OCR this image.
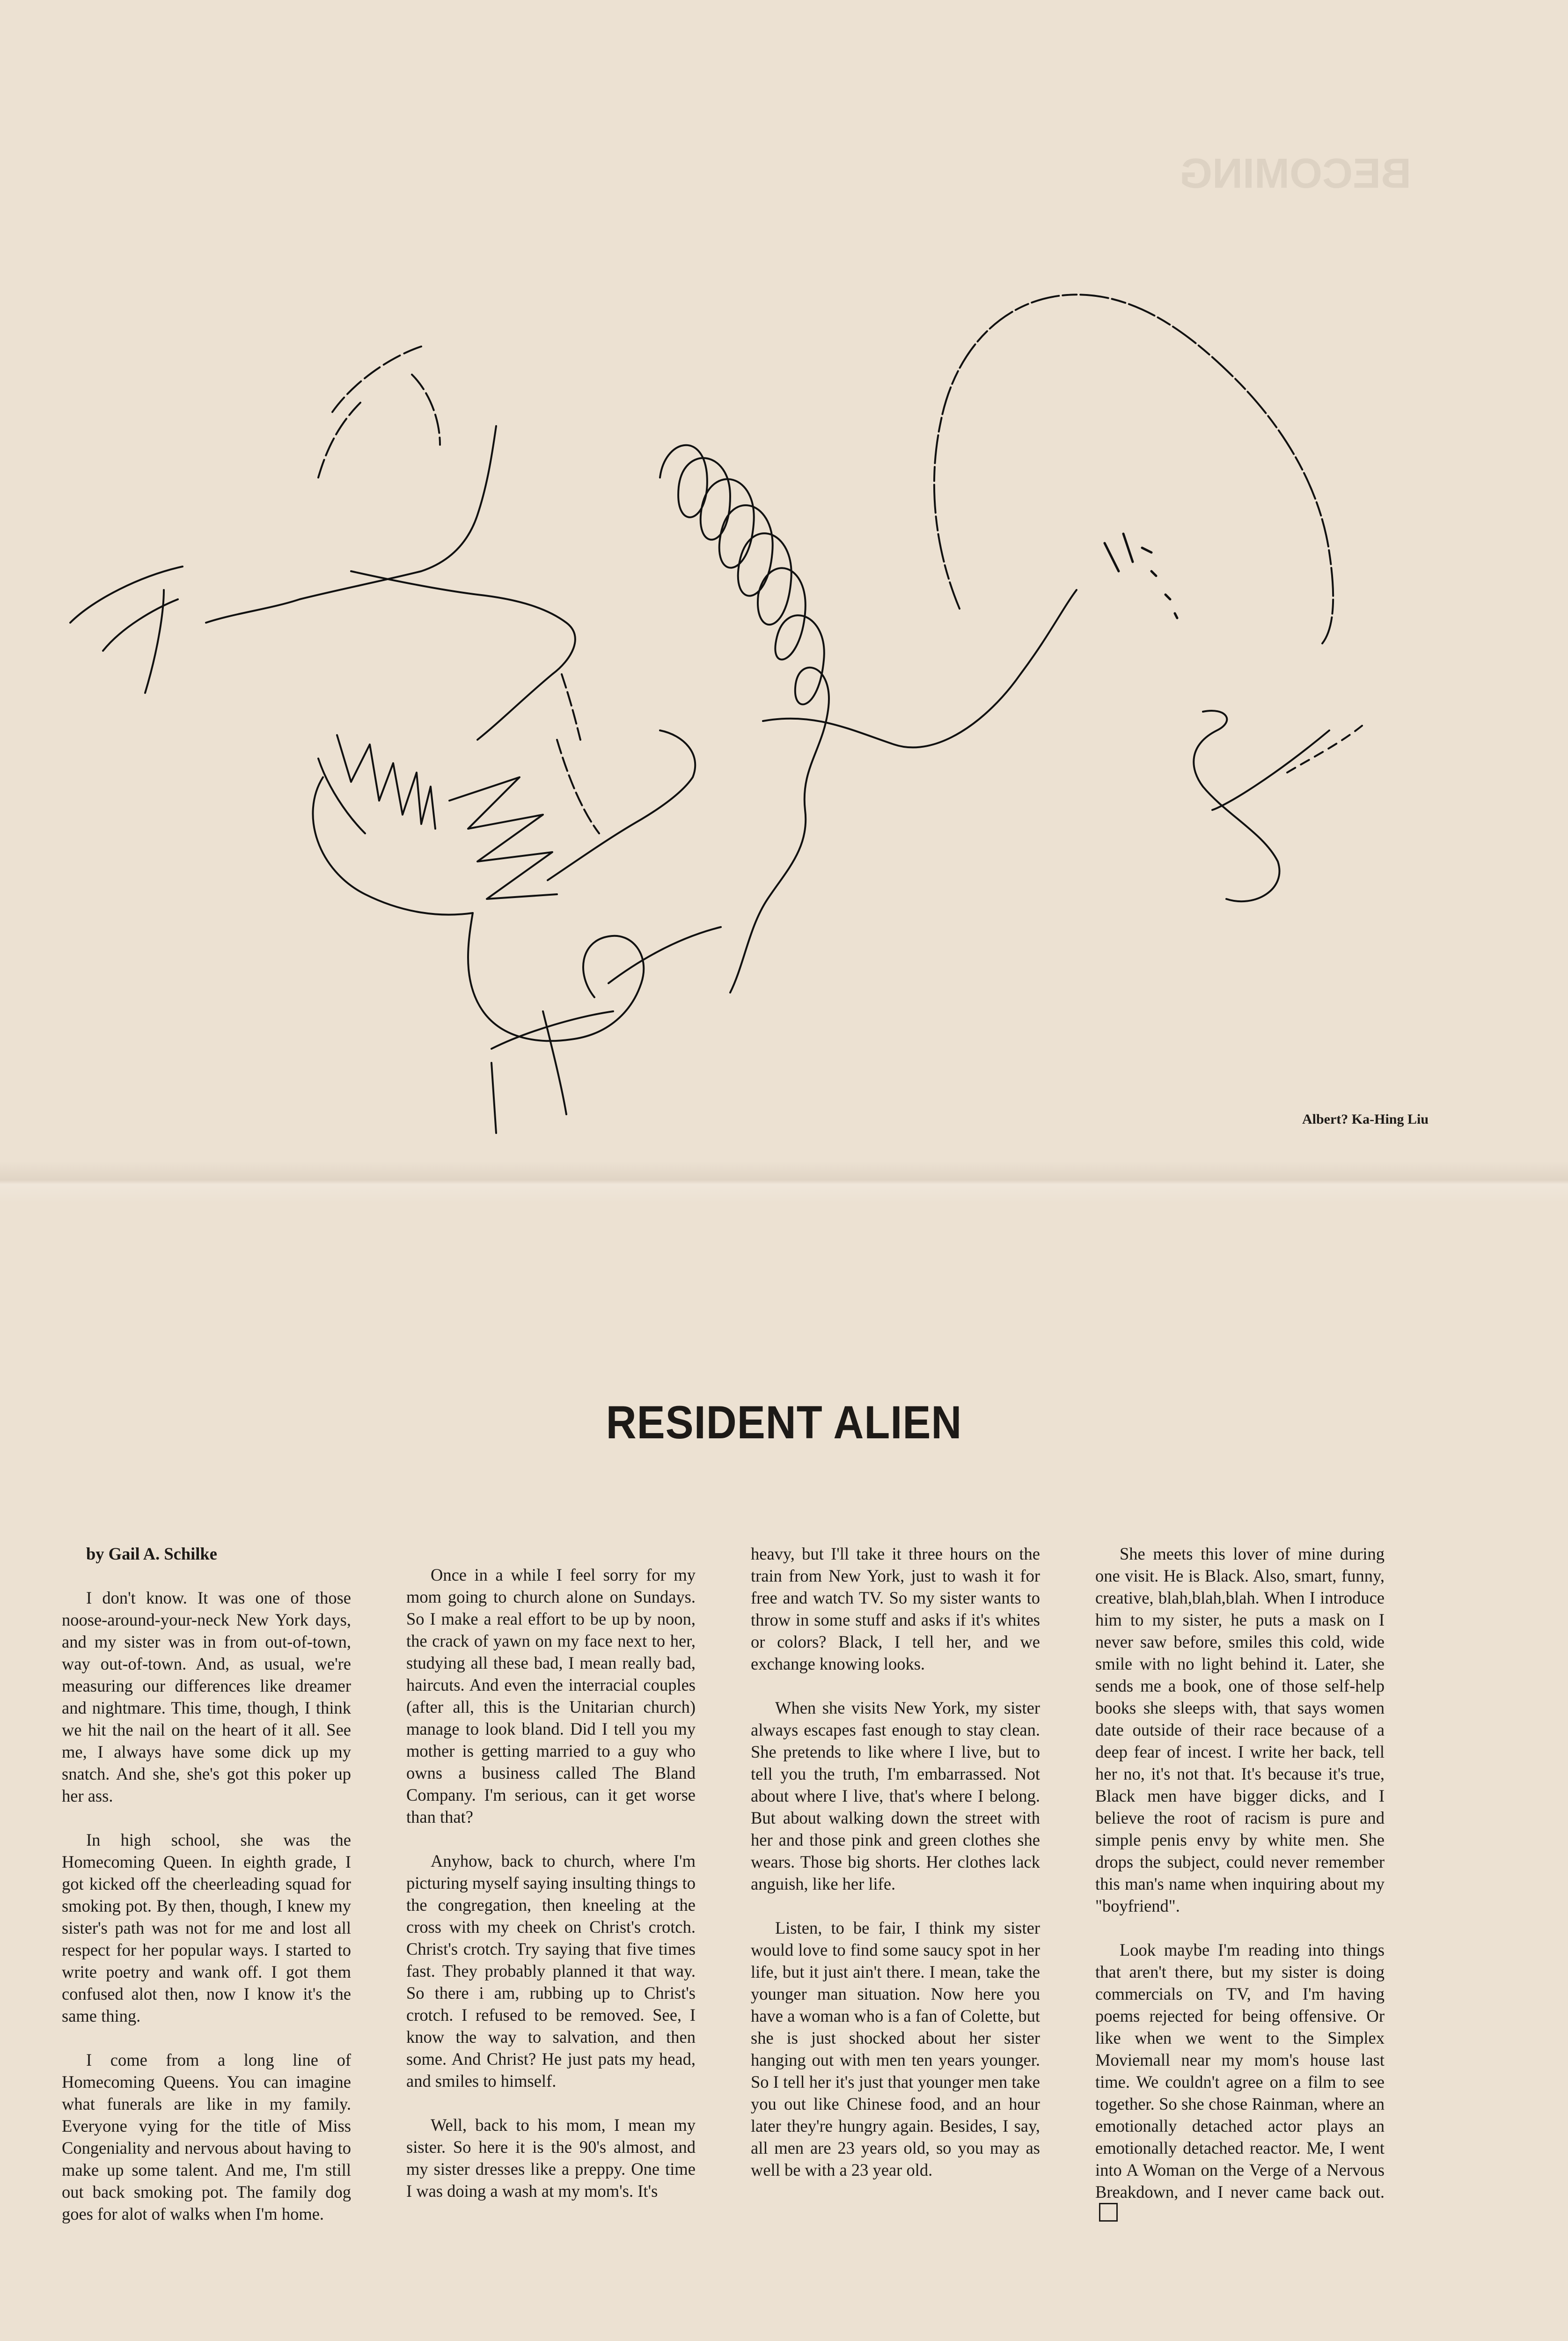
BECOMING
Albert? Ka-Hing Liu
RESIDENT ALIEN

by Gail A. Schilke

I don't know. It was one of those noose-around-your-neck New York days, and my sister was in from out-of-town, way out-of-town. And, as usual, we're measuring our differences like dreamer and nightmare. This time, though, I think we hit the nail on the heart of it all. See me, I always have some dick up my snatch. And she, she's got this poker up her ass.

In high school, she was the Homecoming Queen. In eighth grade, I got kicked off the cheerleading squad for smoking pot. By then, though, I knew my sister's path was not for me and lost all respect for her popular ways. I started to write poetry and wank off. I got them confused alot then, now I know it's the same thing.

I come from a long line of Homecoming Queens. You can imagine what funerals are like in my family. Everyone vying for the title of Miss Congeniality and nervous about having to make up some talent. And me, I'm still out back smoking pot. The family dog goes for alot of walks when I'm home.

Once in a while I feel sorry for my mom going to church alone on Sundays. So I make a real effort to be up by noon, the crack of yawn on my face next to her, studying all these bad, I mean really bad, haircuts. And even the interracial couples (after all, this is the Unitarian church) manage to look bland. Did I tell you my mother is getting married to a guy who owns a business called The Bland Company. I'm serious, can it get worse than that?

Anyhow, back to church, where I'm picturing myself saying insulting things to the congregation, then kneeling at the cross with my cheek on Christ's crotch. Christ's crotch. Try saying that five times fast. They probably planned it that way. So there i am, rubbing up to Christ's crotch. I refused to be removed. See, I know the way to salvation, and then some. And Christ? He just pats my head, and smiles to himself.

Well, back to his mom, I mean my sister. So here it is the 90's almost, and my sister dresses like a preppy. One time I was doing a wash at my mom's. It's

heavy, but I'll take it three hours on the train from New York, just to wash it for free and watch TV. So my sister wants to throw in some stuff and asks if it's whites or colors? Black, I tell her, and we exchange knowing looks.

When she visits New York, my sister always escapes fast enough to stay clean. She pretends to like where I live, but to tell you the truth, I'm embarrassed. Not about where I live, that's where I belong. But about walking down the street with her and those pink and green clothes she wears. Those big shorts. Her clothes lack anguish, like her life.

Listen, to be fair, I think my sister would love to find some saucy spot in her life, but it just ain't there. I mean, take the younger man situation. Now here you have a woman who is a fan of Colette, but she is just shocked about her sister hanging out with men ten years younger. So I tell her it's just that younger men take you out like Chinese food, and an hour later they're hungry again. Besides, I say, all men are 23 years old, so you may as well be with a 23 year old.

She meets this lover of mine during one visit. He is Black. Also, smart, funny, creative, blah,blah,blah. When I introduce him to my sister, he puts a mask on I never saw before, smiles this cold, wide smile with no light behind it. Later, she sends me a book, one of those self-help books she sleeps with, that says women date outside of their race because of a deep fear of incest. I write her back, tell her no, it's not that. It's because it's true, Black men have bigger dicks, and I believe the root of racism is pure and simple penis envy by white men. She drops the subject, could never remember this man's name when inquiring about my "boyfriend".

Look maybe I'm reading into things that aren't there, but my sister is doing commercials on TV, and I'm having poems rejected for being offensive. Or like when we went to the Simplex Moviemall near my mom's house last time. We couldn't agree on a film to see together. So she chose Rainman, where an emotionally detached actor plays an emotionally detached reactor. Me, I went into A Woman on the Verge of a Nervous Breakdown, and I never came back out.
